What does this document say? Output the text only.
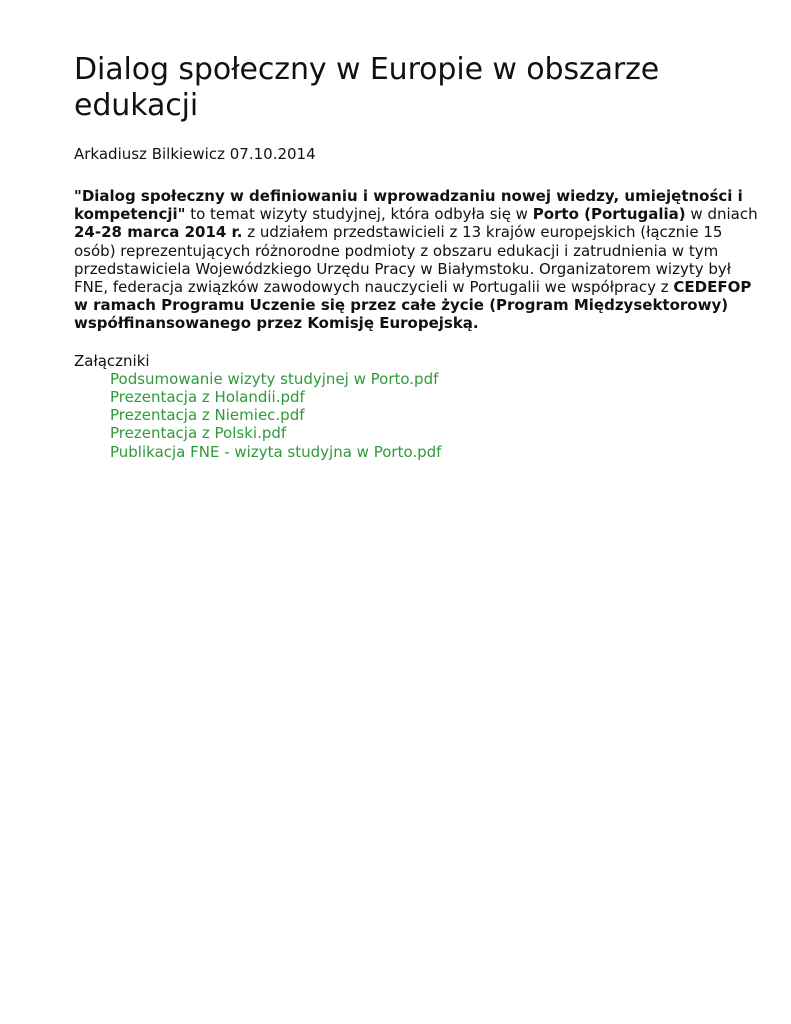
Dialog społeczny w Europie w obszarze edukacji
Arkadiusz Bilkiewicz 07.10.2014
"Dialog społeczny w definiowaniu i wprowadzaniu nowej wiedzy, umiejętności i kompetencji" to temat wizyty studyjnej, która odbyła się w Porto (Portugalia) w dniach 24-28 marca 2014 r. z udziałem przedstawicieli z 13 krajów europejskich (łącznie 15 osób) reprezentujących różnorodne podmioty z obszaru edukacji i zatrudnienia w tym przedstawiciela Wojewódzkiego Urzędu Pracy w Białymstoku. Organizatorem wizyty był FNE, federacja związków zawodowych nauczycieli w Portugalii we współpracy z CEDEFOP w ramach Programu Uczenie się przez całe życie (Program Międzysektorowy) współfinansowanego przez Komisję Europejską.
Załączniki
Podsumowanie wizyty studyjnej w Porto.pdf
Prezentacja z Holandii.pdf
Prezentacja z Niemiec.pdf
Prezentacja z Polski.pdf
Publikacja FNE - wizyta studyjna w Porto.pdf
